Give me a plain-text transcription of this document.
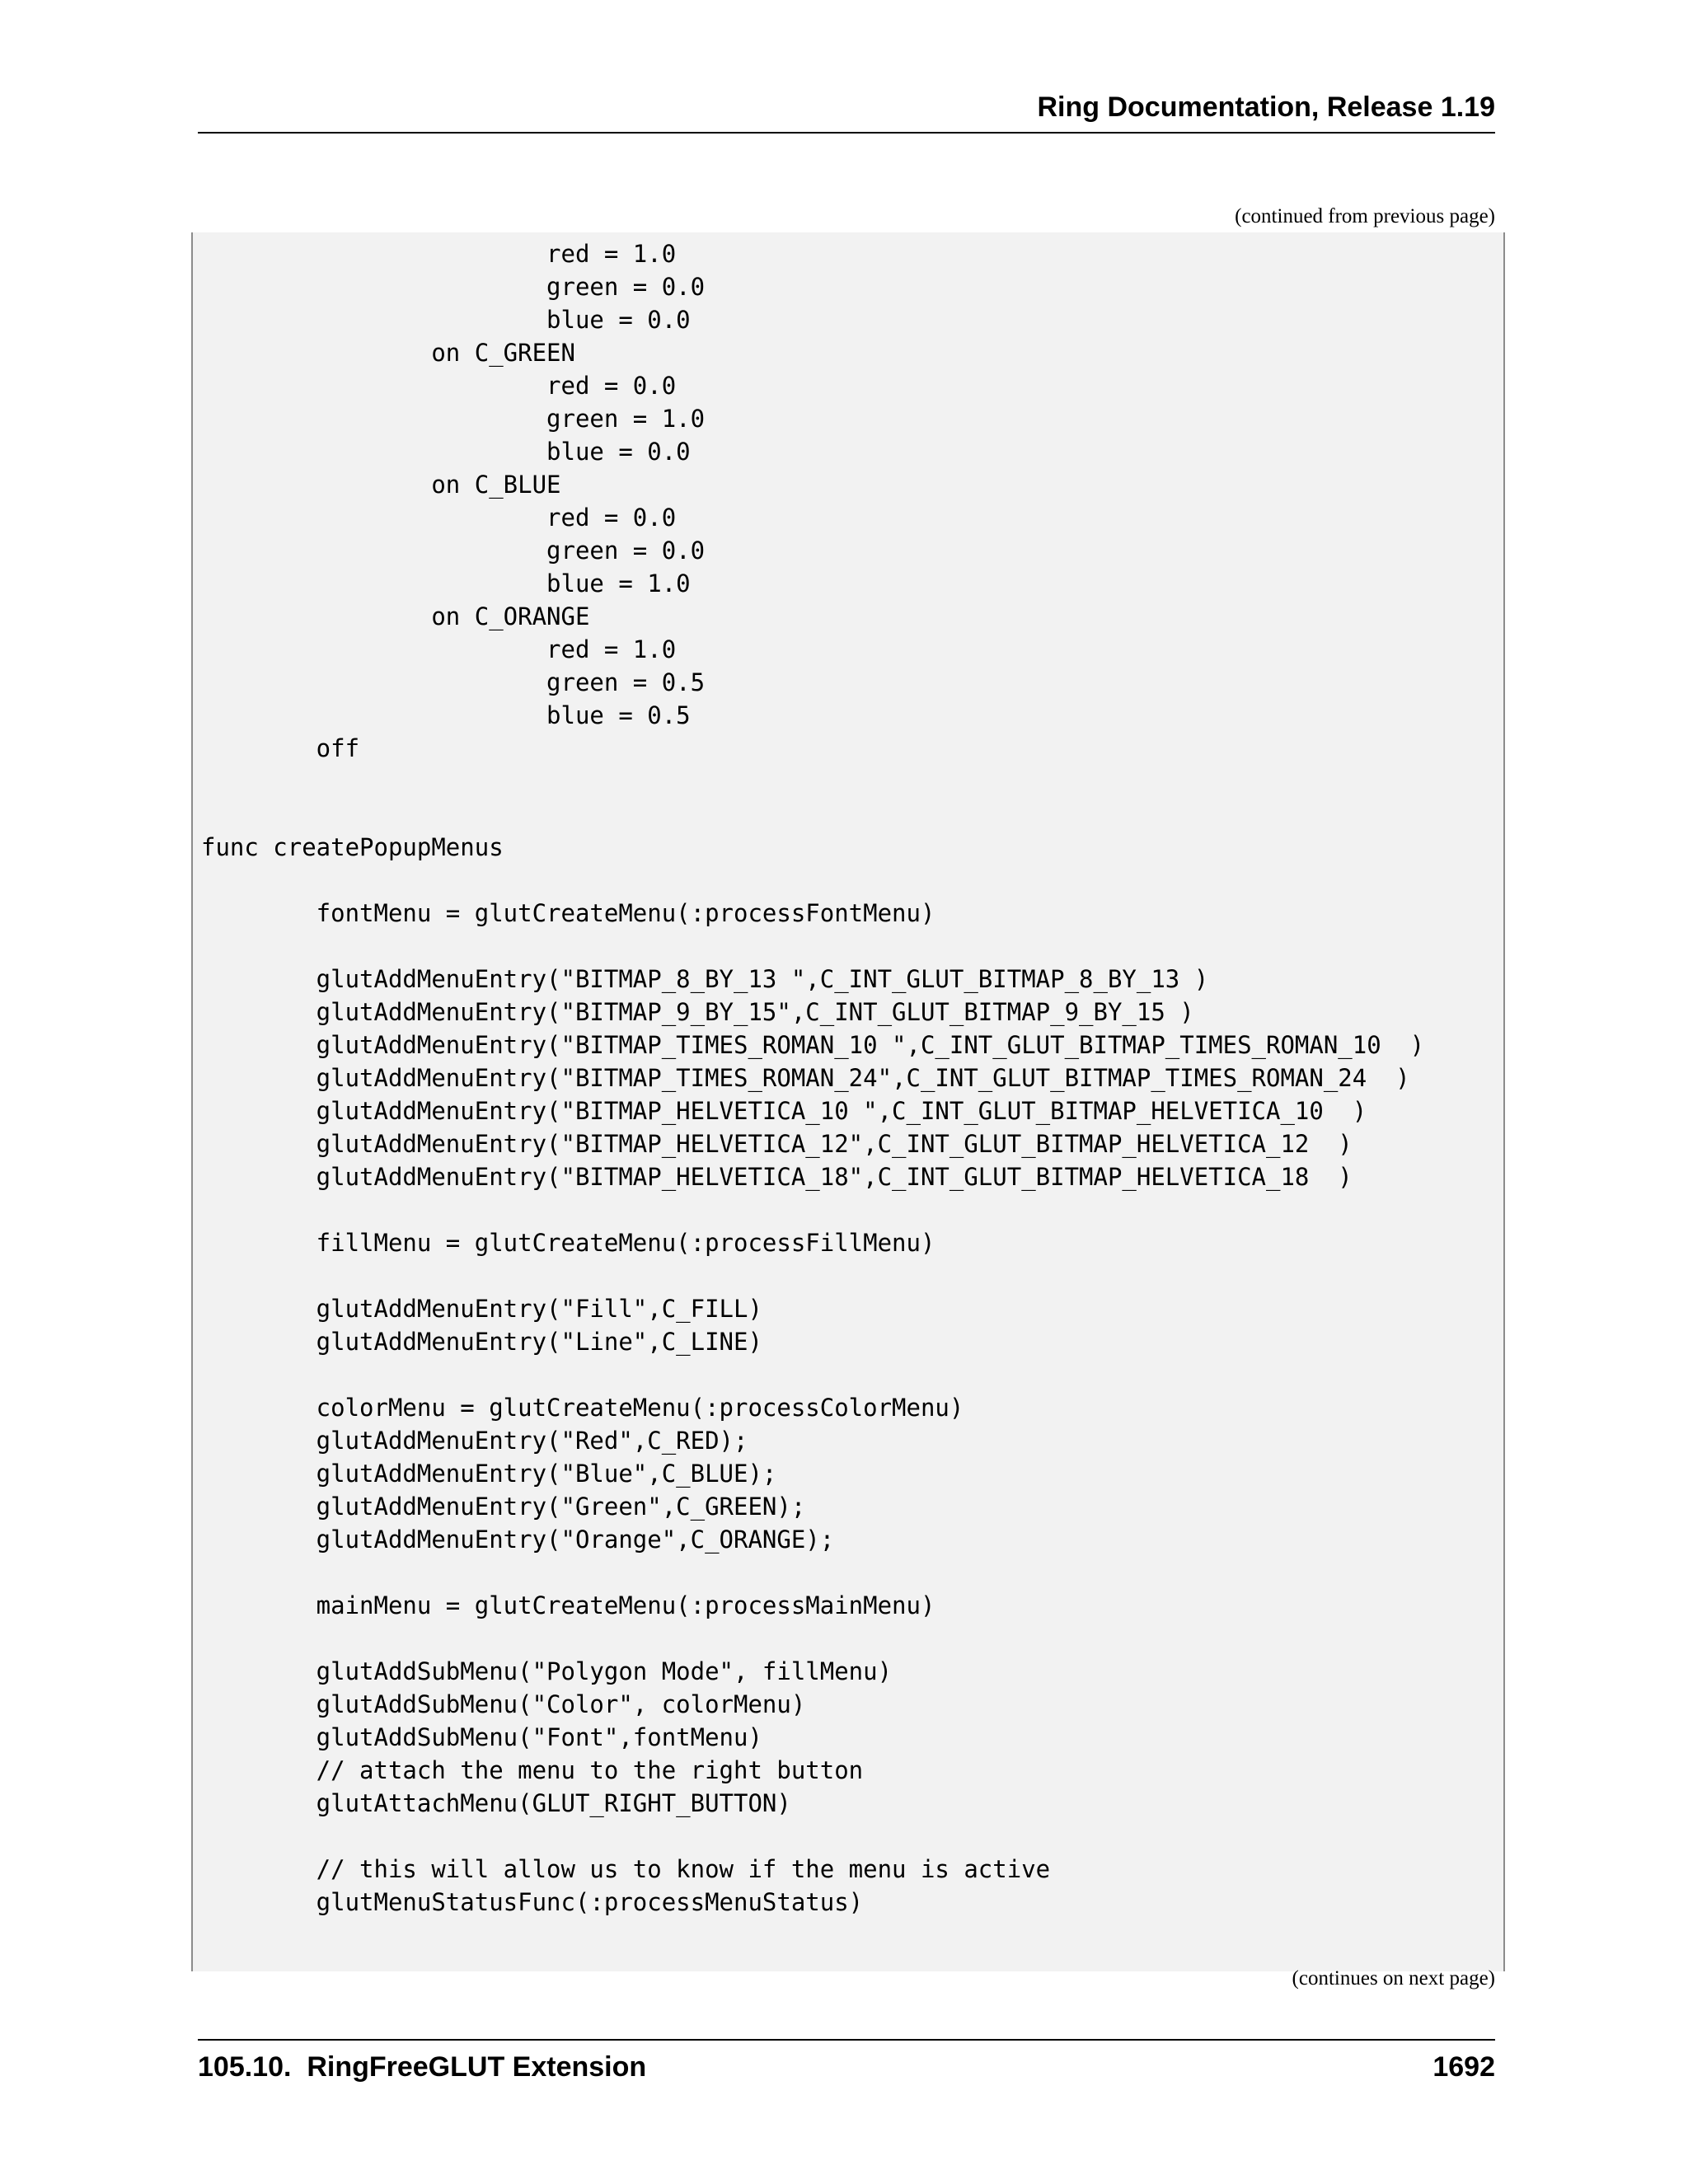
Ring Documentation, Release 1.19
(continued from previous page)
red = 1.0
green = 0.0
blue = 0.0
on C_GREEN
red = 0.0
green = 1.0
blue = 0.0
on C_BLUE
red = 0.0
green = 0.0
blue = 1.0
on C_ORANGE
red = 1.0
green = 0.5
blue = 0.5
off
func createPopupMenus
fontMenu = glutCreateMenu(:processFontMenu)
glutAddMenuEntry("BITMAP_8_BY_13 ",C_INT_GLUT_BITMAP_8_BY_13 )
glutAddMenuEntry("BITMAP_9_BY_15",C_INT_GLUT_BITMAP_9_BY_15 )
glutAddMenuEntry("BITMAP_TIMES_ROMAN_10 ",C_INT_GLUT_BITMAP_TIMES_ROMAN_10  )
glutAddMenuEntry("BITMAP_TIMES_ROMAN_24",C_INT_GLUT_BITMAP_TIMES_ROMAN_24  )
glutAddMenuEntry("BITMAP_HELVETICA_10 ",C_INT_GLUT_BITMAP_HELVETICA_10  )
glutAddMenuEntry("BITMAP_HELVETICA_12",C_INT_GLUT_BITMAP_HELVETICA_12  )
glutAddMenuEntry("BITMAP_HELVETICA_18",C_INT_GLUT_BITMAP_HELVETICA_18  )
fillMenu = glutCreateMenu(:processFillMenu)
glutAddMenuEntry("Fill",C_FILL)
glutAddMenuEntry("Line",C_LINE)
colorMenu = glutCreateMenu(:processColorMenu)
glutAddMenuEntry("Red",C_RED);
glutAddMenuEntry("Blue",C_BLUE);
glutAddMenuEntry("Green",C_GREEN);
glutAddMenuEntry("Orange",C_ORANGE);
mainMenu = glutCreateMenu(:processMainMenu)
glutAddSubMenu("Polygon Mode", fillMenu)
glutAddSubMenu("Color", colorMenu)
glutAddSubMenu("Font",fontMenu)
// attach the menu to the right button
glutAttachMenu(GLUT_RIGHT_BUTTON)
// this will allow us to know if the menu is active
glutMenuStatusFunc(:processMenuStatus)
(continues on next page)
105.10.  RingFreeGLUT Extension	1692
